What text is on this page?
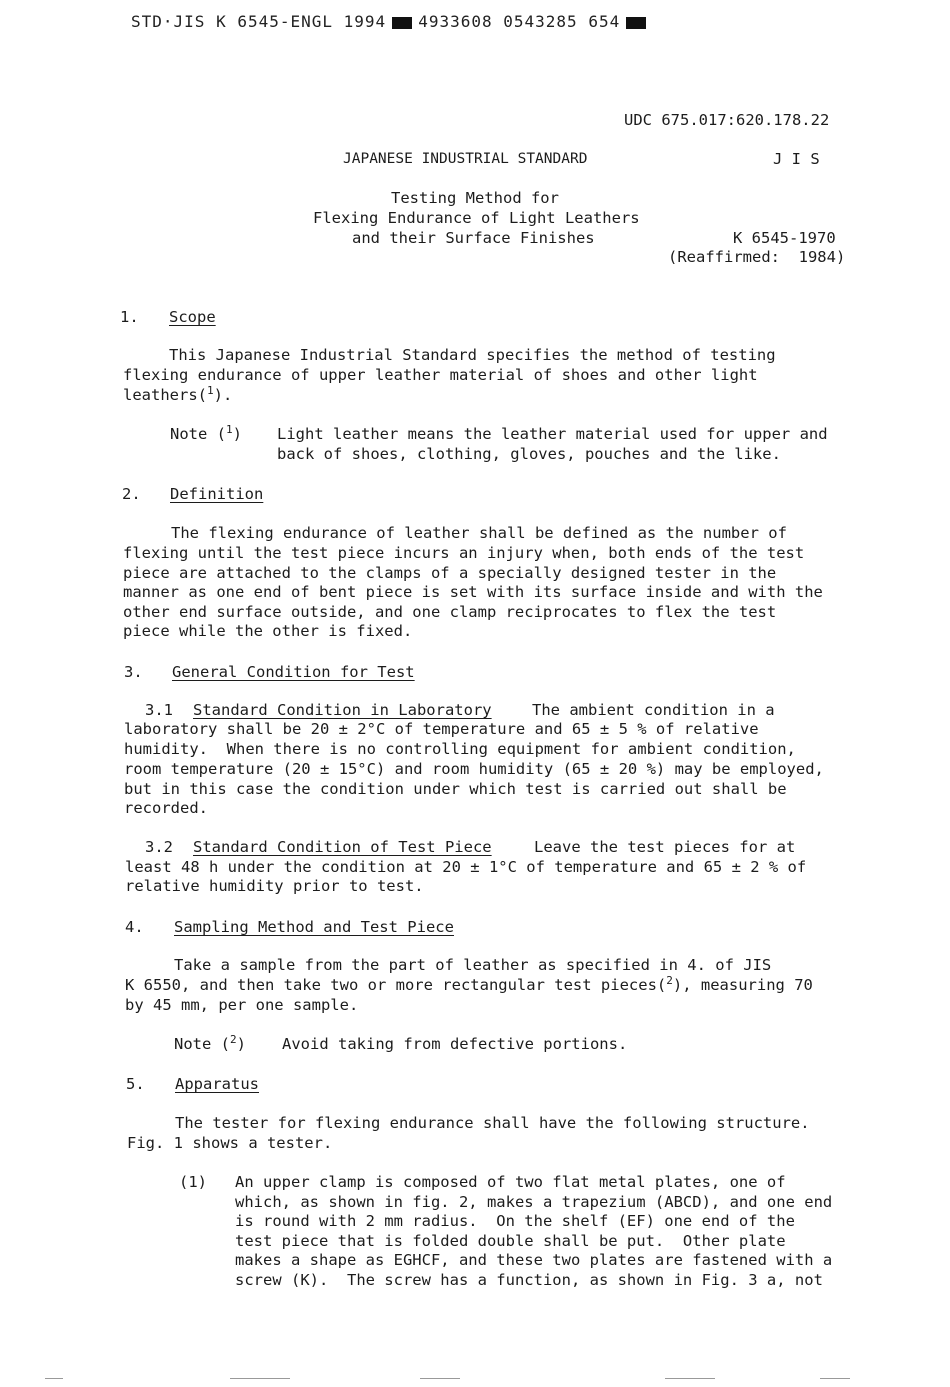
STD·JIS K 6545-ENGL 1994 4933608 0543285 654
UDC 675.017:620.178.22
JAPANESE INDUSTRIAL STANDARD	J I S
Testing Method for
Flexing Endurance of Light Leathers
and their Surface Finishes	K 6545-1970
(Reaffirmed:  1984)
1. Scope
This Japanese Industrial Standard specifies the method of testing
flexing endurance of upper leather material of shoes and other light
leathers($^1$).
Note ($^1$) Light leather means the leather material used for upper and
back of shoes, clothing, gloves, pouches and the like.
2. Definition
The flexing endurance of leather shall be defined as the number of
flexing until the test piece incurs an injury when, both ends of the test
piece are attached to the clamps of a specially designed tester in the
manner as one end of bent piece is set with its surface inside and with the
other end surface outside, and one clamp reciprocates to flex the test
piece while the other is fixed.
3. General Condition for Test
3.1 Standard Condition in Laboratory	The ambient condition in a
laboratory shall be 20 ± 2°C of temperature and 65 ± 5 % of relative
humidity.  When there is no controlling equipment for ambient condition,
room temperature (20 ± 15°C) and room humidity (65 ± 20 %) may be employed,
but in this case the condition under which test is carried out shall be
recorded.
3.2 Standard Condition of Test Piece	Leave the test pieces for at
least 48 h under the condition at 20 ± 1°C of temperature and 65 ± 2 % of
relative humidity prior to test.
4. Sampling Method and Test Piece
Take a sample from the part of leather as specified in 4. of JIS
K 6550, and then take two or more rectangular test pieces($^2$), measuring 70
by 45 mm, per one sample.
Note ($^2$) Avoid taking from defective portions.
5. Apparatus
The tester for flexing endurance shall have the following structure.
Fig. 1 shows a tester.
(1) An upper clamp is composed of two flat metal plates, one of
which, as shown in fig. 2, makes a trapezium (ABCD), and one end
is round with 2 mm radius.  On the shelf (EF) one end of the
test piece that is folded double shall be put.  Other plate
makes a shape as EGHCF, and these two plates are fastened with a
screw (K).  The screw has a function, as shown in Fig. 3 a, not
